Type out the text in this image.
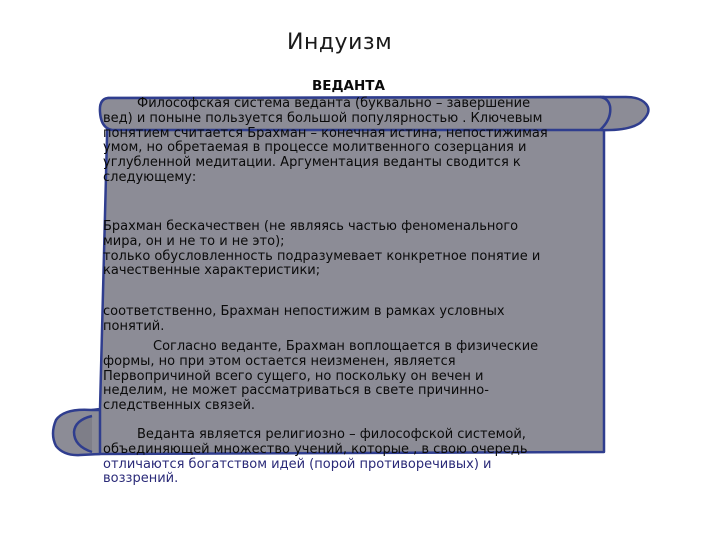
Индуизм
ВЕДАНТА

Философская система веданта (буквально – завершение

вед) и поныне пользуется большой популярностью . Ключевым

понятием считается Брахман – конечная истина, непостижимая

умом, но обретаемая в процессе молитвенного созерцания и

углубленной медитации. Аргументация веданты сводится к

следующему:

Брахман бескачествен (не являясь частью феноменального

мира, он и не то и не это);

только обусловленность подразумевает конкретное понятие и

качественные характеристики;

соответственно, Брахман непостижим в рамках условных

понятий.

Согласно веданте, Брахман воплощается в физические

формы, но при этом остается неизменен, является

Первопричиной всего сущего, но поскольку он вечен и

неделим, не может рассматриваться в свете причинно-

следственных связей.

Веданта является религиозно – философской системой,

объединяющей множество учений, которые , в свою очередь

отличаются богатством идей (порой противоречивых) и

воззрений.
